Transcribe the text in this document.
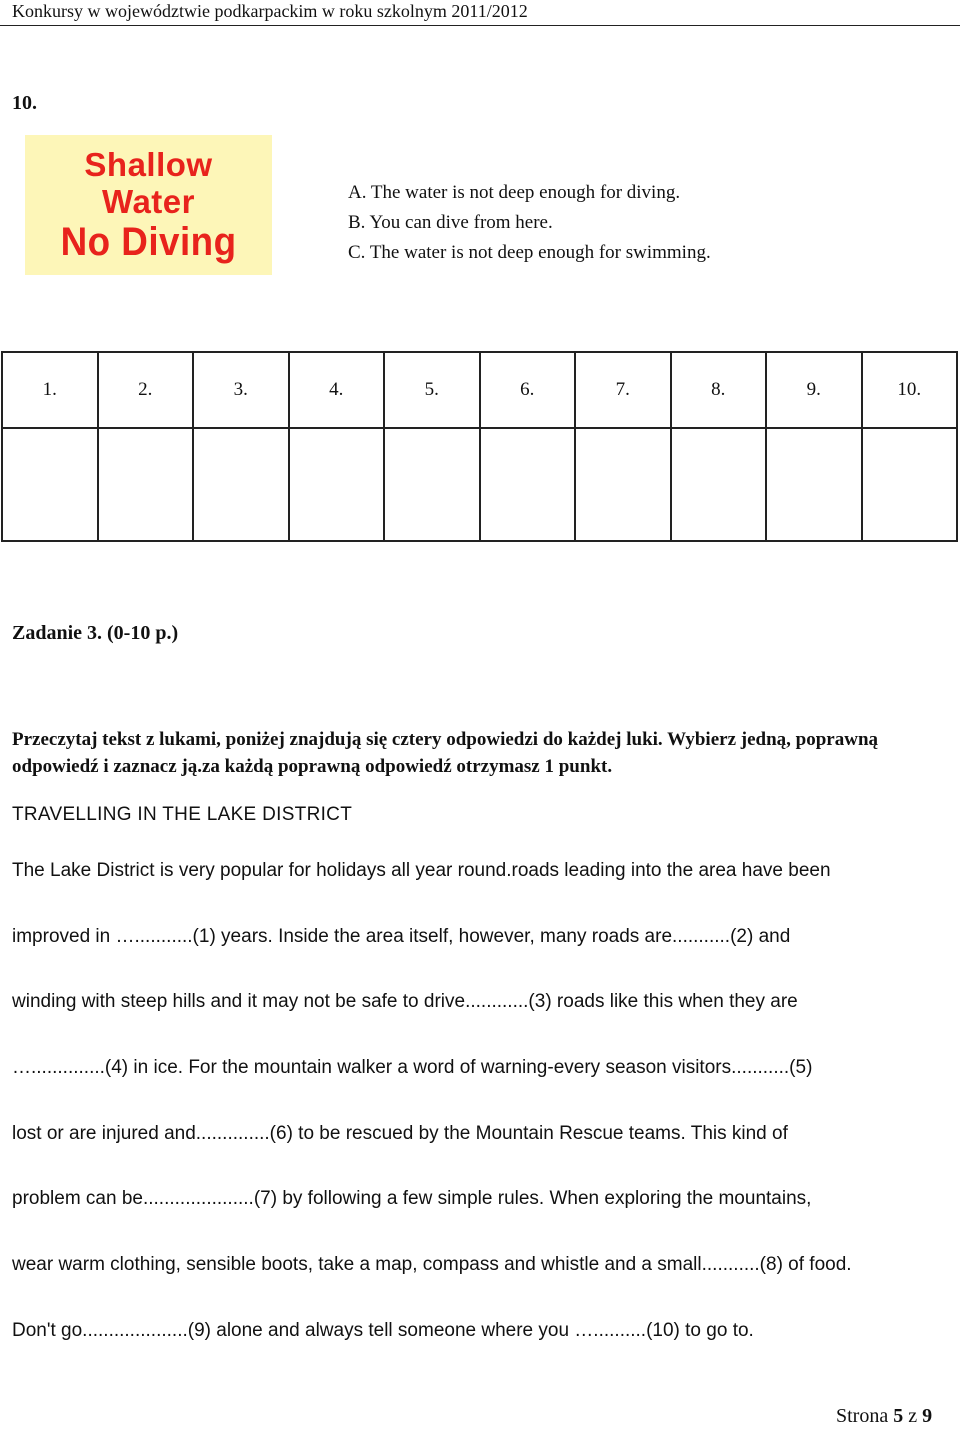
Konkursy w województwie podkarpackim w roku szkolnym 2011/2012
10.
Shallow
Water
No Diving
A. The water is not deep enough for diving.
B. You can dive from here.
C. The water is not deep enough for swimming.
1.	2.	3.	4.	5.	6.	7.	8.	9.	10.

Zadanie 3. (0-10 p.)
Przeczytaj tekst z lukami, poniżej znajdują się cztery odpowiedzi do każdej luki. Wybierz jedną, poprawną odpowiedź i zaznacz ją.za każdą poprawną odpowiedź otrzymasz 1 punkt.
TRAVELLING IN THE LAKE DISTRICT
The Lake District is very popular for holidays all year round.roads leading into the area have been
improved in …...........(1) years. Inside the area itself, however, many roads are...........(2) and
winding with steep hills and it may not be safe to drive............(3) roads like this when they are
…..............(4) in ice. For the mountain walker a word of warning-every season visitors...........(5)
lost or are injured and..............(6) to be rescued by the Mountain Rescue teams. This kind of
problem can be.....................(7) by following a few simple rules. When exploring the mountains,
wear warm clothing, sensible boots, take a map, compass and whistle and a small...........(8) of food.
Don't go....................(9) alone and always tell someone where you …..........(10) to go to.
Strona 5 z 9
